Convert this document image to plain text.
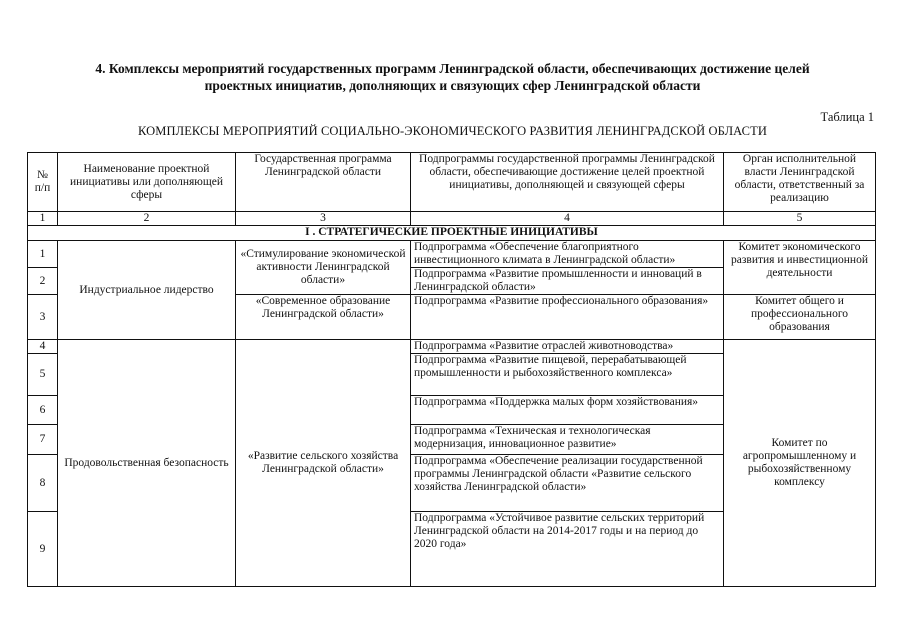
4. Комплексы мероприятий государственных программ Ленинградской области, обеспечивающих достижение целей
проектных инициатив, дополняющих и связующих сфер Ленинградской области
Таблица 1
КОМПЛЕКСЫ МЕРОПРИЯТИЙ СОЦИАЛЬНО-ЭКОНОМИЧЕСКОГО РАЗВИТИЯ ЛЕНИНГРАДСКОЙ ОБЛАСТИ
№ п/п	Наименование проектной инициативы или дополняющей сферы	Государственная программа Ленинградской области	Подпрограммы государственной программы Ленинградской области, обеспечивающие достижение целей проектной инициативы, дополняющей и связующей сферы	Орган исполнительной власти Ленинградской области, ответственный за реализацию
1	2	3	4	5
I . СТРАТЕГИЧЕСКИЕ ПРОЕКТНЫЕ ИНИЦИАТИВЫ				
1	Индустриальное лидерство	«Стимулирование экономической активности Ленинградской области»	Подпрограмма «Обеспечение благоприятного инвестиционного климата в Ленинградской области»	Комитет экономического развития и инвестиционной деятельности
2			Подпрограмма «Развитие промышленности и инноваций в Ленинградской области»	
3		«Современное образование Ленинградской области»	Подпрограмма «Развитие профессионального образования»	Комитет общего и профессионального образования
4	Продовольственная безопасность	«Развитие сельского хозяйства Ленинградской области»	Подпрограмма «Развитие отраслей животноводства»	Комитет по агропромышленному и рыбохозяйственному комплексу
5			Подпрограмма «Развитие пищевой, перерабатывающей промышленности и рыбохозяйственного комплекса»	
6			Подпрограмма «Поддержка малых форм хозяйствования»	
7			Подпрограмма «Техническая и технологическая модернизация, инновационное развитие»	
8			Подпрограмма «Обеспечение реализации государственной программы Ленинградской области «Развитие сельского хозяйства Ленинградской области»	
9			Подпрограмма «Устойчивое развитие сельских территорий Ленинградской области на 2014-2017 годы и на период до 2020 года»	
